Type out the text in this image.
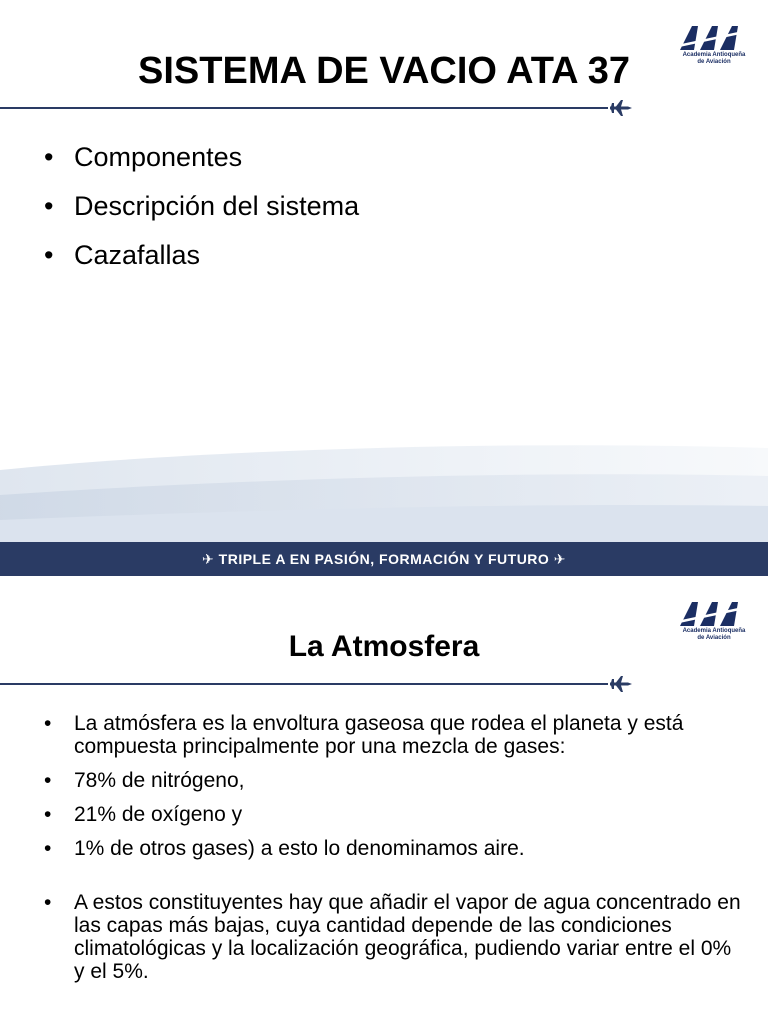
SISTEMA DE VACIO ATA 37	Academia Antioqueña de Aviación
• Componentes
• Descripción del sistema
• Cazafallas
✈ TRIPLE A EN PASIÓN, FORMACIÓN Y FUTURO ✈
Academia Antioqueña de Aviación
La Atmosfera
• La atmósfera es la envoltura gaseosa que rodea el planeta y está compuesta principalmente por una mezcla de gases:
• 78% de nitrógeno,
• 21% de oxígeno y
• 1% de otros gases) a esto lo denominamos aire.
• A estos constituyentes hay que añadir el vapor de agua concentrado en las capas más bajas, cuya cantidad depende de las condiciones climatológicas y la localización geográfica, pudiendo variar entre el 0% y el 5%.
